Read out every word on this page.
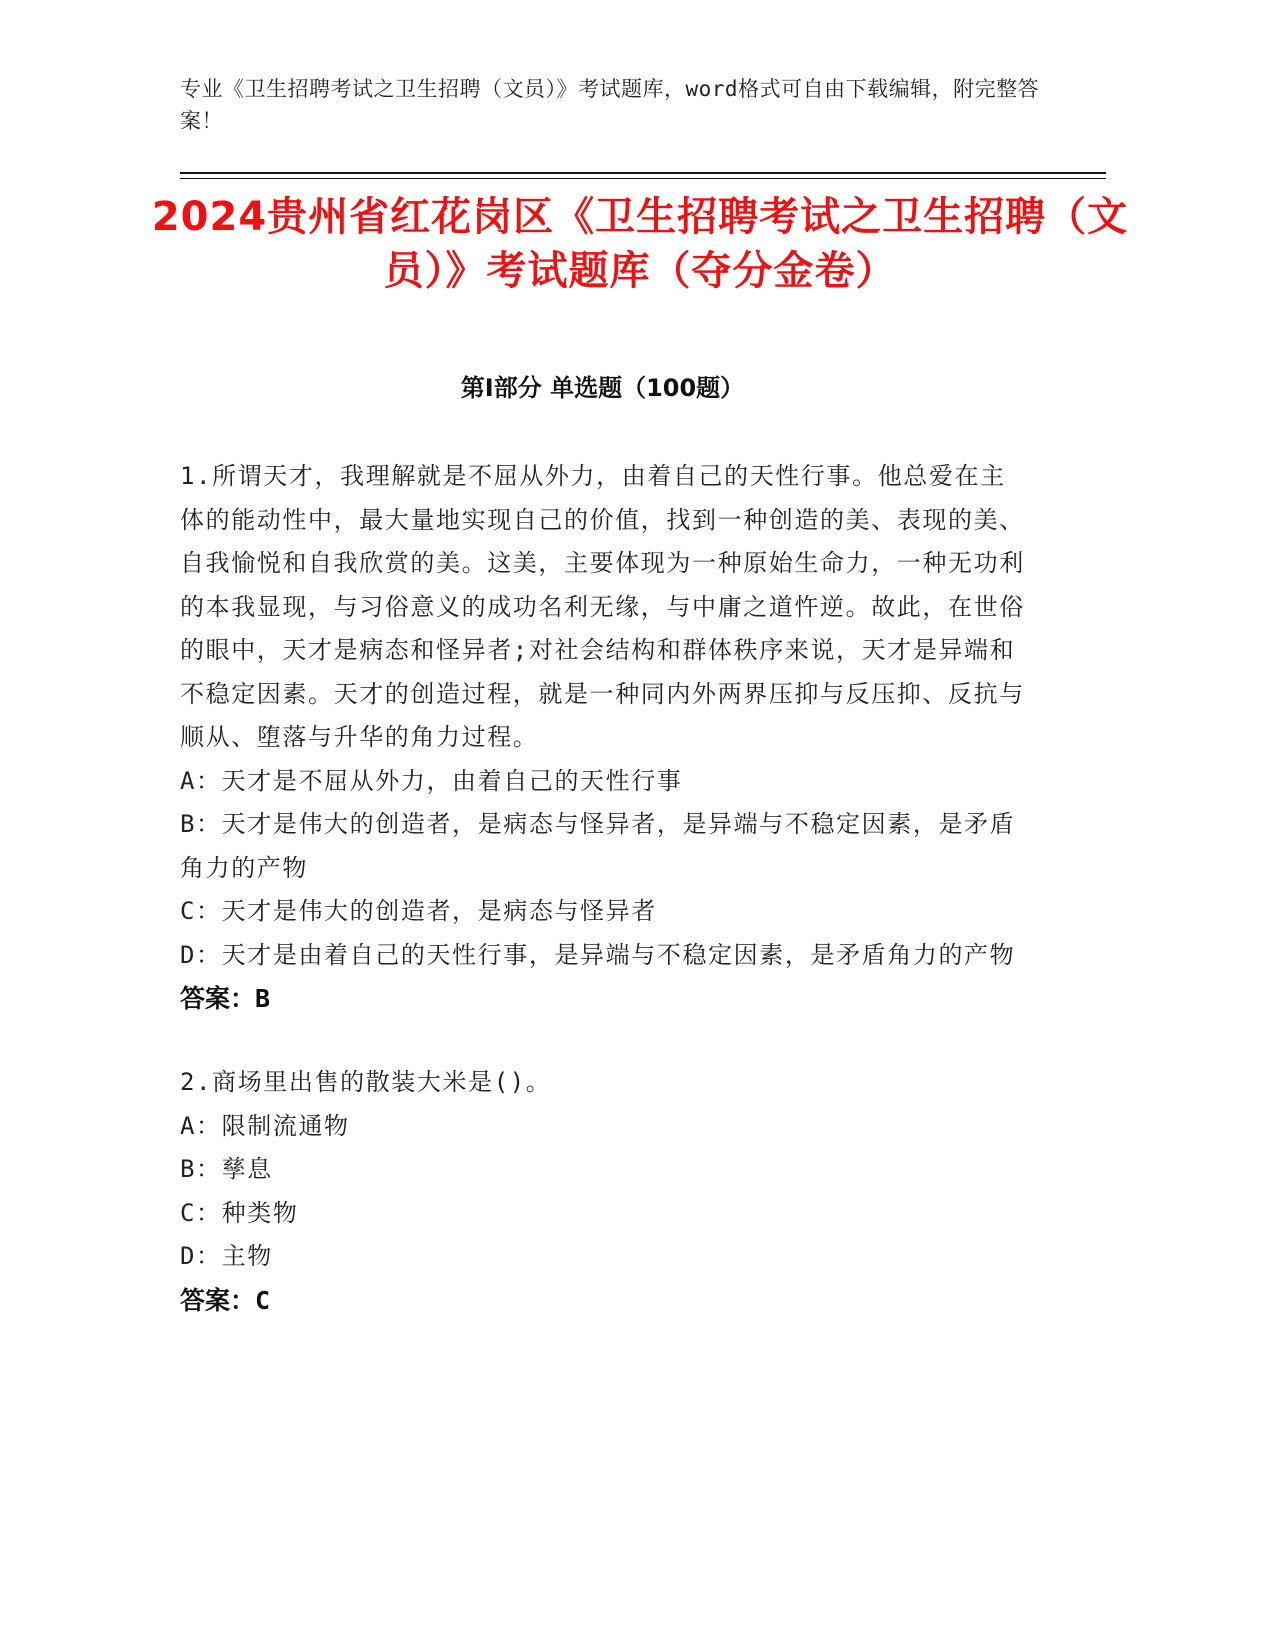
专业《卫生招聘考试之卫生招聘（文员）》考试题库，word格式可自由下载编辑，附完整答案！
2024贵州省红花岗区《卫生招聘考试之卫生招聘（文员）》考试题库（夺分金卷）
第Ⅰ部分 单选题（100题）

1.所谓天才，我理解就是不屈从外力，由着自己的天性行事。他总爱在主体的能动性中，最大量地实现自己的价值，找到一种创造的美、表现的美、自我愉悦和自我欣赏的美。这美，主要体现为一种原始生命力，一种无功利的本我显现，与习俗意义的成功名利无缘，与中庸之道忤逆。故此，在世俗的眼中，天才是病态和怪异者;对社会结构和群体秩序来说，天才是异端和不稳定因素。天才的创造过程，就是一种同内外两界压抑与反压抑、反抗与顺从、堕落与升华的角力过程。

A：天才是不屈从外力，由着自己的天性行事
B：天才是伟大的创造者，是病态与怪异者，是异端与不稳定因素，是矛盾角力的产物
C：天才是伟大的创造者，是病态与怪异者
D：天才是由着自己的天性行事，是异端与不稳定因素，是矛盾角力的产物

答案：B

2.商场里出售的散装大米是()。

A：限制流通物
B：孳息
C：种类物
D：主物

答案：C
